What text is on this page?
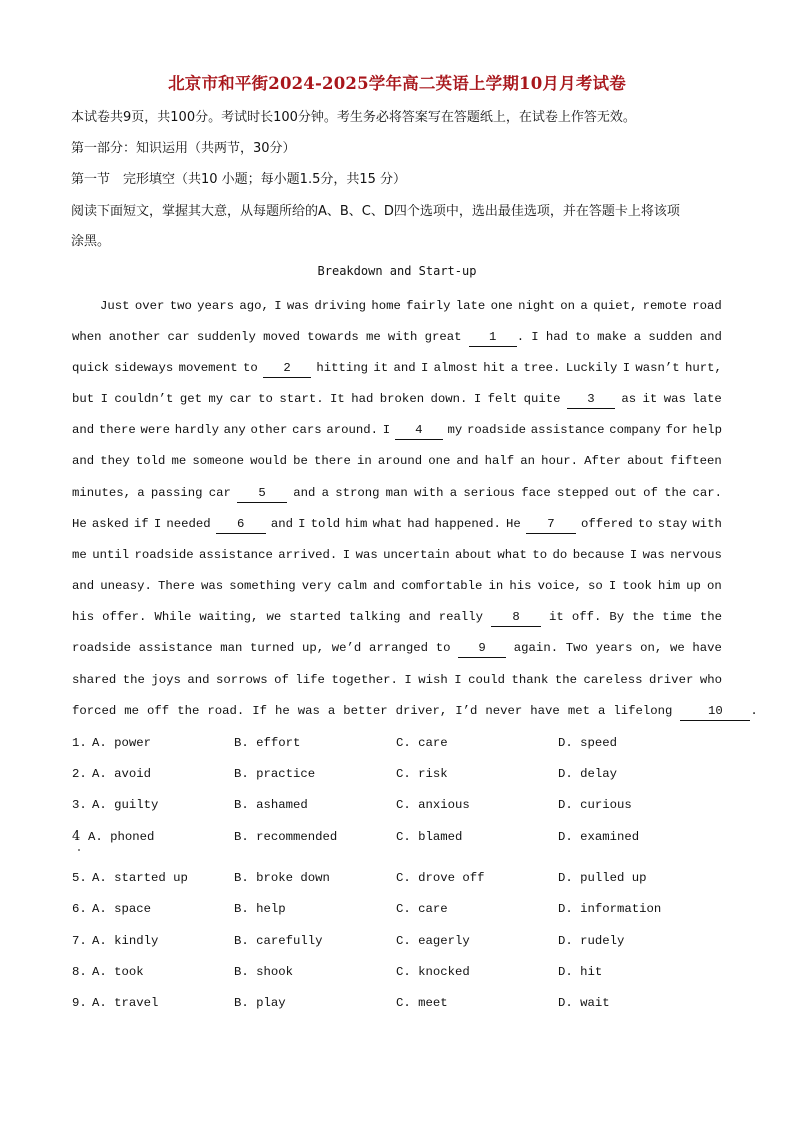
北京市和平街2024-2025学年高二英语上学期10月月考试卷
本试卷共9页，共100分。考试时长100分钟。考生务必将答案写在答题纸上，在试卷上作答无效。
第一部分：知识运用（共两节，30分）
第一节　完形填空（共10 小题；每小题1.5分，共15 分）
阅读下面短文，掌握其大意，从每题所给的A、B、C、D四个选项中，选出最佳选项，并在答题卡上将该项
涂黑。
Breakdown and Start-up
Just over two years ago, I was driving home fairly late one night on a quiet, remote road
when another car suddenly moved towards me with great	1 . I had to make a sudden and
quick sideways movement to	2	hitting it and I almost hit a tree. Luckily I wasn’t hurt,
but I couldn’t get my car to start. It had broken down. I felt quite	3	as it was late
and there were hardly any other cars around. I	4	my roadside assistance company for help
and they told me someone would be there in around one and half an hour. After about fifteen
minutes, a passing car	5	and a strong man with a serious face stepped out of the car.
He asked if I needed	6	and I told him what had happened. He	7	offered to stay with
me until roadside assistance arrived. I was uncertain about what to do because I was nervous
and uneasy. There was something very calm and comfortable in his voice, so I took him up on
his offer. While waiting, we started talking and really	8	it off. By the time the
roadside assistance man turned up, we’d arranged to	9	again. Two years on, we have
shared the joys and sorrows of life together. I wish I could thank the careless driver who
forced me off the road. If he was a better driver, I’d never have met a lifelong	10 .
1. A. power	B. effort	C. care	D. speed
2. A. avoid	B. practice	C. risk	D. delay
3. A. guilty	B. ashamed	C. anxious	D. curious
4 A. phoned	B. recommended	C. blamed	D. examined
5. A. started up	B. broke down	C. drove off	D. pulled up
6. A. space	B. help	C. care	D. information
7. A. kindly	B. carefully	C. eagerly	D. rudely
8. A. took	B. shook	C. knocked	D. hit
9. A. travel	B. play	C. meet	D. wait
